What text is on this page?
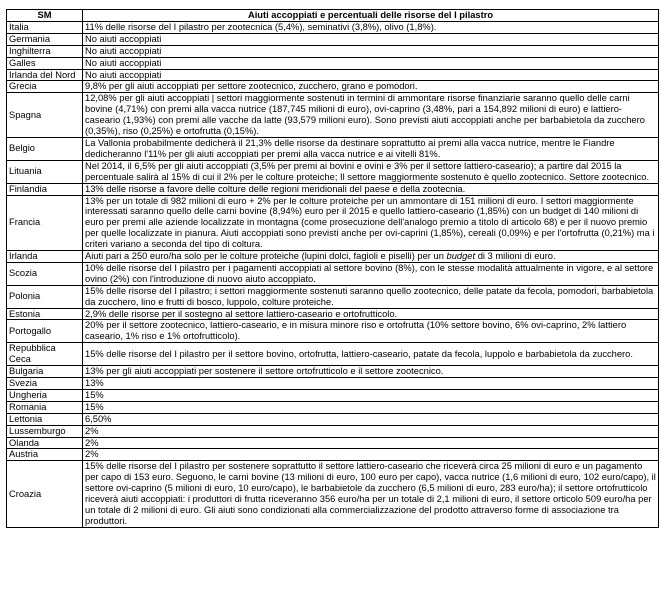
SM	Aiuti accoppiati e percentuali delle risorse del I pilastro
Italia	11% delle risorse del I pilastro per zootecnica (5,4%), seminativi (3,8%), olivo (1,8%).
Germania	No aiuti accoppiati
Inghilterra	No aiuti accoppiati
Galles	No aiuti accoppiati
Irlanda del Nord	No aiuti accoppiati
Grecia	9,8% per gli aiuti accoppiati per settore zootecnico, zucchero, grano e pomodori.
Spagna	12,08% per gli aiuti accoppiati | settori maggiormente sostenuti in termini di ammontare risorse finanziarie saranno quello delle carni bovine (4,71%) con premi alla vacca nutrice (187,745 milioni di euro), ovi-caprino (3,48%, pari a 154,892 milioni di euro) e lattiero-caseario (1,93%) con premi alle vacche da latte (93,579 milioni euro). Sono previsti aiuti accoppiati anche per barbabietola da zucchero (0,35%), riso (0,25%) e ortofrutta (0,15%).
Belgio	La Vallonia probabilmente dedicherà il 21,3% delle risorse da destinare soprattutto ai premi alla vacca nutrice, mentre le Fiandre dedicheranno l'11% per gli aiuti accoppiati per premi alla vacca nutrice e ai vitelli 81%.
Lituania	Nel 2014, il 6,5% per gli aiuti accoppiati (3,5% per premi ai bovini e ovini e 3% per il settore lattiero-caseario); a partire dal 2015 la percentuale salirà al 15% di cui il 2% per le colture proteiche; Il settore maggiormente sostenuto è quello zootecnico. Settore zootecnico.
Finlandia	13% delle risorse a favore delle colture delle regioni meridionali del paese e della zootecnia.
Francia	13% per un totale di 982 milioni di euro + 2% per le colture proteiche per un ammontare di 151 milioni di euro. I settori maggiormente interessati saranno quello delle carni bovine (8,94%) euro per il 2015 e quello lattiero-caseario (1,85%) con un budget di 140 milioni di euro per premi alle aziende localizzate in montagna (come prosecuzione dell'analogo premio a titolo di articolo 68) e per il nuovo premio per quelle localizzate in pianura. Aiuti accoppiati sono previsti anche per ovi-caprini (1,85%), cereali (0,09%) e per l'ortofrutta (0,21%) ma i criteri variano a seconda del tipo di coltura.
Irlanda	Aiuti pari a 250 euro/ha solo per le colture proteiche (lupini dolci, fagioli e piselli) per un budget di 3 milioni di euro.
Scozia	10% delle risorse del I pilastro per i pagamenti accoppiati al settore bovino (8%), con le stesse modalità attualmente in vigore, e al settore ovino (2%) con l'introduzione di nuovo aiuto accoppiato.
Polonia	15% delle risorse del I pilastro; i settori maggiormente sostenuti saranno quello zootecnico, delle patate da fecola, pomodori, barbabietola da zucchero, lino e frutti di bosco, luppolo, colture proteiche.
Estonia	2,9% delle risorse per il sostegno al settore lattiero-caseario e ortofrutticolo.
Portogallo	20% per il settore zootecnico, lattiero-caseario, e in misura minore riso e ortofrutta (10% settore bovino, 6% ovi-caprino, 2% lattiero caseario, 1% riso e 1% ortofrutticolo).
Repubblica Ceca	15% delle risorse del I pilastro per il settore bovino, ortofrutta, lattiero-caseario, patate da fecola, luppolo e barbabietola da zucchero.
Bulgaria	13% per gli aiuti accoppiati per sostenere il settore ortofrutticolo e il settore zootecnico.
Svezia	13%
Ungheria	15%
Romania	15%
Lettonia	6,50%
Lussemburgo	2%
Olanda	2%
Austria	2%
Croazia	15% delle risorse del I pilastro per sostenere soprattutto il settore lattiero-caseario che riceverà circa 25 milioni di euro e un pagamento per capo di 153 euro. Seguono, le carni bovine (13 milioni di euro, 100 euro per capo), vacca nutrice (1,6 milioni di euro, 102 euro/capo), il settore ovi-caprino (5 milioni di euro, 10 euro/capo), le barbabietole da zucchero (6,5 milioni di euro, 283 euro/ha); il settore ortofrutticolo riceverà aiuti accoppiati: i produttori di frutta riceveranno 356 euro/ha per un totale di 2,1 milioni di euro, il settore orticolo 509 euro/ha per un totale di 2 milioni di euro. Gli aiuti sono condizionati alla commercializzazione del prodotto attraverso forme di associazione tra produttori.
